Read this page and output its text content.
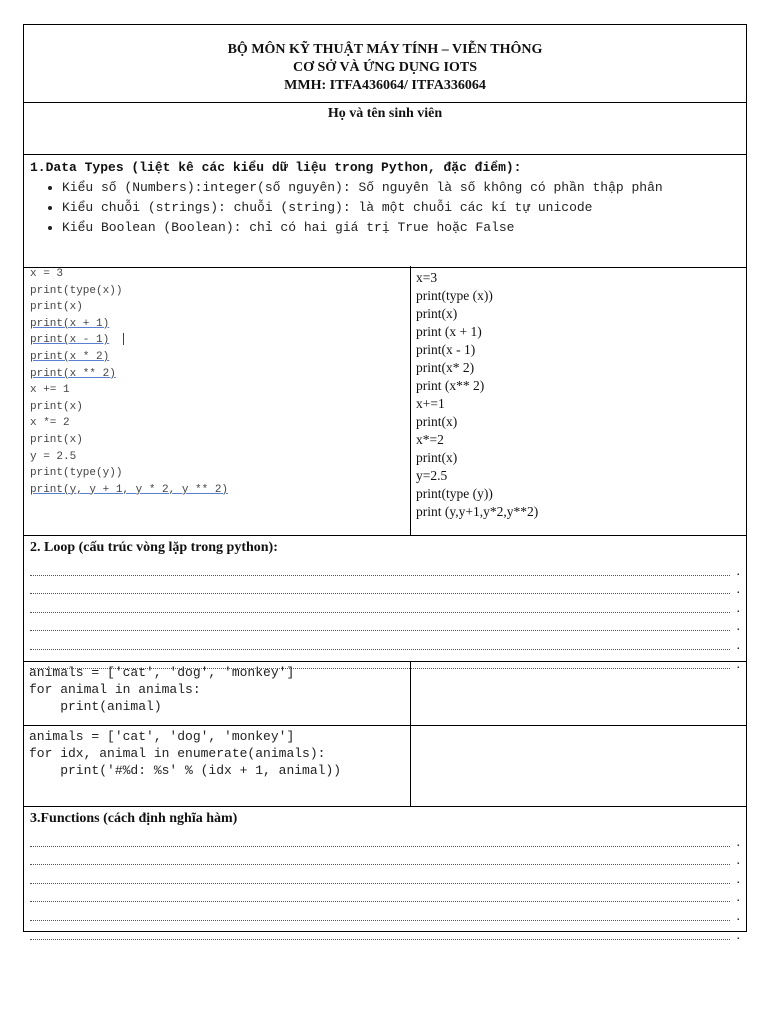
BỘ MÔN KỸ THUẬT MÁY TÍNH – VIỄN THÔNG
CƠ SỞ VÀ ỨNG DỤNG IOTS
MMH: ITFA436064/ ITFA336064
Họ và tên sinh viên
1.Data Types (liệt kê các kiểu dữ liệu trong Python, đặc điểm):
• Kiểu số (Numbers):integer(số nguyên): Số nguyên là số không có phần thập phân
• Kiểu chuỗi (strings): chuỗi (string): là một chuỗi các kí tự unicode
• Kiểu Boolean (Boolean): chỉ có hai giá trị True hoặc False
x = 3
print(type(x))
print(x)
print(x + 1)
print(x - 1)
print(x * 2)
print(x ** 2)
x += 1
print(x)
x *= 2
print(x)
y = 2.5
print(type(y))
print(y, y + 1, y * 2, y ** 2)
x=3
print(type (x))
print(x)
print (x + 1)
print(x - 1)
print(x* 2)
print (x** 2)
x+=1
print(x)
x*=2
print(x)
y=2.5
print(type (y))
print (y,y+1,y*2,y**2)
2. Loop (cấu trúc vòng lặp trong python):
.
.
.
.
.
.
animals = ['cat', 'dog', 'monkey']
for animal in animals:
print(animal)
animals = ['cat', 'dog', 'monkey']
for idx, animal in enumerate(animals):
print('#%d: %s' % (idx + 1, animal))
3.Functions (cách định nghĩa hàm)
.
.
.
.
.
.
